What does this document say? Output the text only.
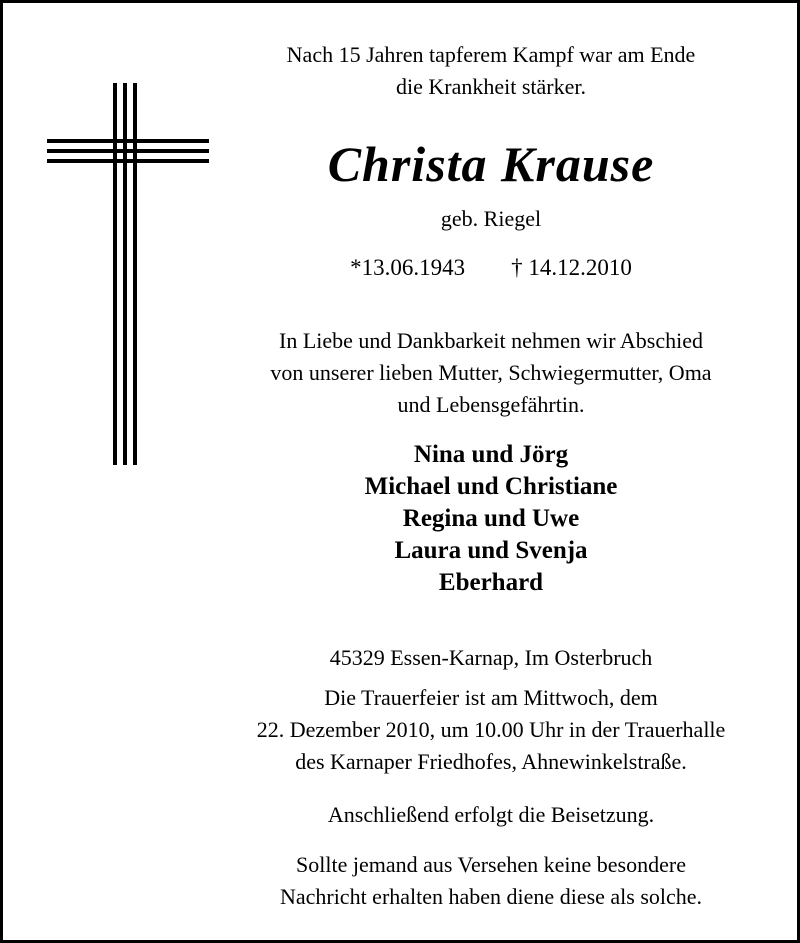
Nach 15 Jahren tapferem Kampf war am Ende
die Krankheit stärker.
Christa Krause
geb. Riegel
*13.06.1943 † 14.12.2010
In Liebe und Dankbarkeit nehmen wir Abschied
von unserer lieben Mutter, Schwiegermutter, Oma
und Lebensgefährtin.
Nina und Jörg
Michael und Christiane
Regina und Uwe
Laura und Svenja
Eberhard
45329 Essen-Karnap, Im Osterbruch
Die Trauerfeier ist am Mittwoch, dem
22. Dezember 2010, um 10.00 Uhr in der Trauerhalle
des Karnaper Friedhofes, Ahnewinkelstraße.
Anschließend erfolgt die Beisetzung.
Sollte jemand aus Versehen keine besondere
Nachricht erhalten haben diene diese als solche.
